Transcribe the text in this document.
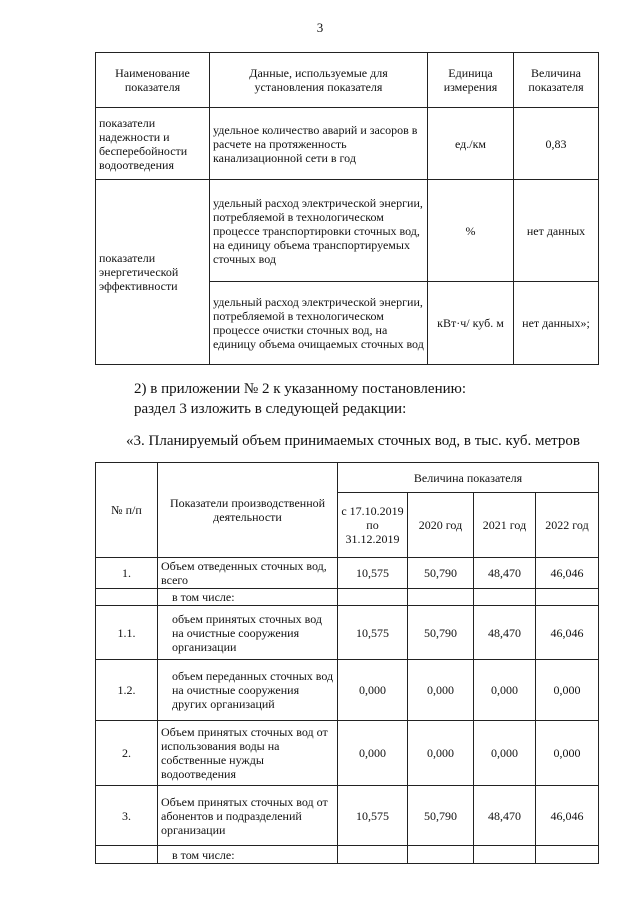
3
Наименование показателя	Данные, используемые для установления показателя	Единица измерения	Величина показателя
показатели надежности и бесперебойности водоотведения	удельное количество аварий и засоров в расчете на протяженность канализационной сети в год	ед./км	0,83
показатели энергетической эффективности	удельный расход электрической энергии, потребляемой в технологическом процессе транспортировки сточных вод, на единицу объема транспортируемых сточных вод	%	нет данных
	удельный расход электрической энергии, потребляемой в технологическом процессе очистки сточных вод, на единицу объема очищаемых сточных вод	кВт·ч/ куб. м	нет данных»;
2) в приложении № 2 к указанному постановлению:
раздел 3 изложить в следующей редакции:
«3. Планируемый объем принимаемых сточных вод, в тыс. куб. метров
№ п/п	Показатели производственной деятельности	Величина показателя			
		с 17.10.2019 по 31.12.2019	2020 год	2021 год	2022 год
1.	Объем отведенных сточных вод, всего	10,575	50,790	48,470	46,046
	в том числе:				
1.1.	объем принятых сточных вод на очистные сооружения организации	10,575	50,790	48,470	46,046
1.2.	объем переданных сточных вод на очистные сооружения других организаций	0,000	0,000	0,000	0,000
2.	Объем принятых сточных вод от использования воды на собственные нужды водоотведения	0,000	0,000	0,000	0,000
3.	Объем принятых сточных вод от абонентов и подразделений организации	10,575	50,790	48,470	46,046
	в том числе:				
